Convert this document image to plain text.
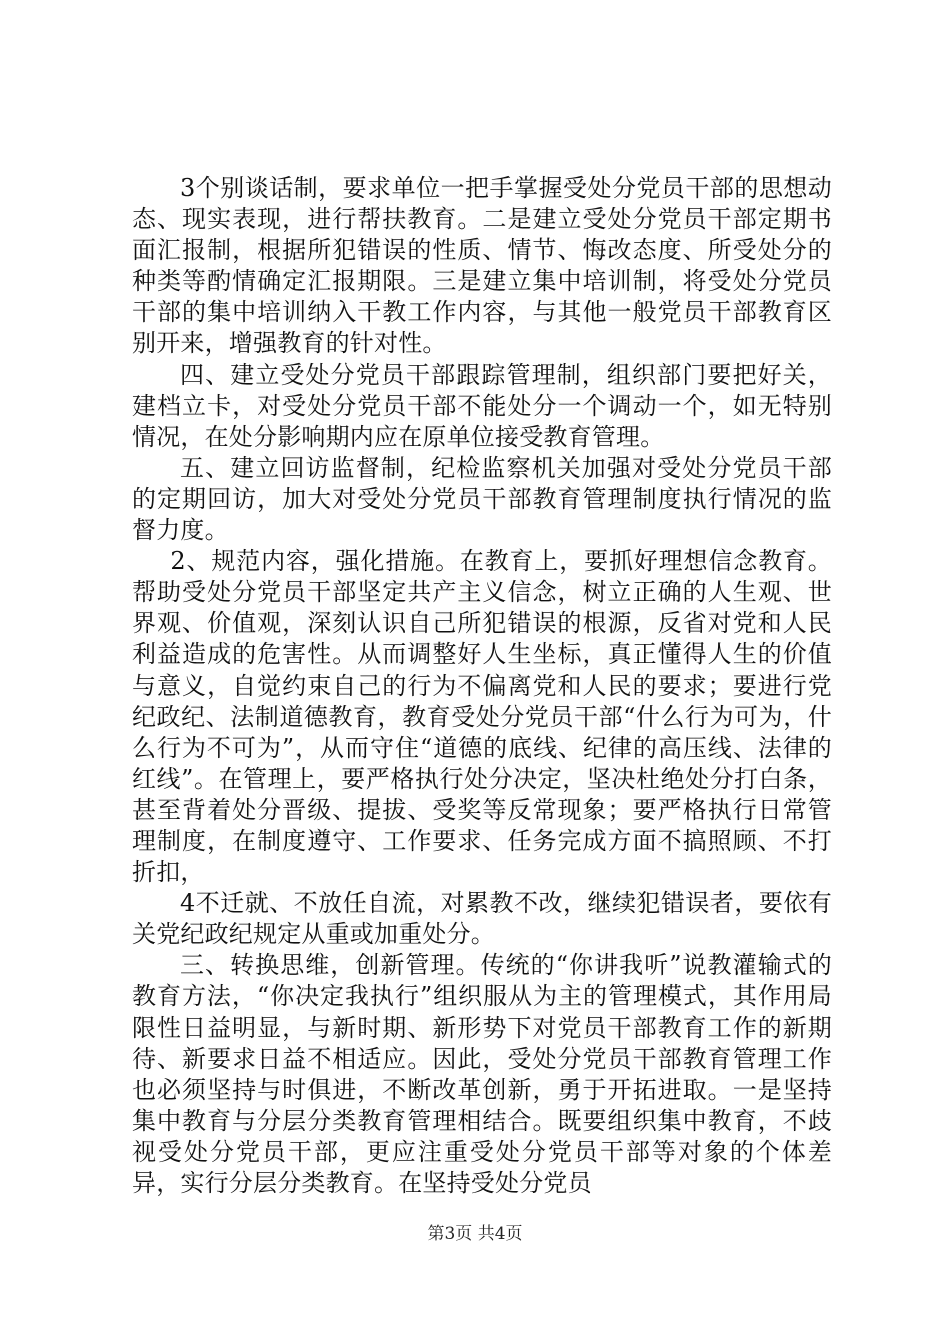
3个别谈话制，要求单位一把手掌握受处分党员干部的思想动态、现实表现，进行帮扶教育。二是建立受处分党员干部定期书面汇报制，根据所犯错误的性质、情节、悔改态度、所受处分的种类等酌情确定汇报期限。三是建立集中培训制，将受处分党员干部的集中培训纳入干教工作内容，与其他一般党员干部教育区别开来，增强教育的针对性。

四、建立受处分党员干部跟踪管理制，组织部门要把好关，建档立卡，对受处分党员干部不能处分一个调动一个，如无特别情况，在处分影响期内应在原单位接受教育管理。

五、建立回访监督制，纪检监察机关加强对受处分党员干部的定期回访，加大对受处分党员干部教育管理制度执行情况的监督力度。

2、规范内容，强化措施。在教育上，要抓好理想信念教育。帮助受处分党员干部坚定共产主义信念，树立正确的人生观、世界观、价值观，深刻认识自己所犯错误的根源，反省对党和人民利益造成的危害性。从而调整好人生坐标，真正懂得人生的价值与意义，自觉约束自己的行为不偏离党和人民的要求；要进行党纪政纪、法制道德教育，教育受处分党员干部“什么行为可为，什么行为不可为”，从而守住“道德的底线、纪律的高压线、法律的红线”。在管理上，要严格执行处分决定，坚决杜绝处分打白条，甚至背着处分晋级、提拔、受奖等反常现象；要严格执行日常管理制度，在制度遵守、工作要求、任务完成方面不搞照顾、不打折扣，

4不迁就、不放任自流，对累教不改，继续犯错误者，要依有关党纪政纪规定从重或加重处分。

三、转换思维，创新管理。传统的“你讲我听”说教灌输式的教育方法，“你决定我执行”组织服从为主的管理模式，其作用局限性日益明显，与新时期、新形势下对党员干部教育工作的新期待、新要求日益不相适应。因此，受处分党员干部教育管理工作也必须坚持与时俱进，不断改革创新，勇于开拓进取。一是坚持集中教育与分层分类教育管理相结合。既要组织集中教育，不歧视受处分党员干部，更应注重受处分党员干部等对象的个体差异，实行分层分类教育。在坚持受处分党员

第3页 共4页
